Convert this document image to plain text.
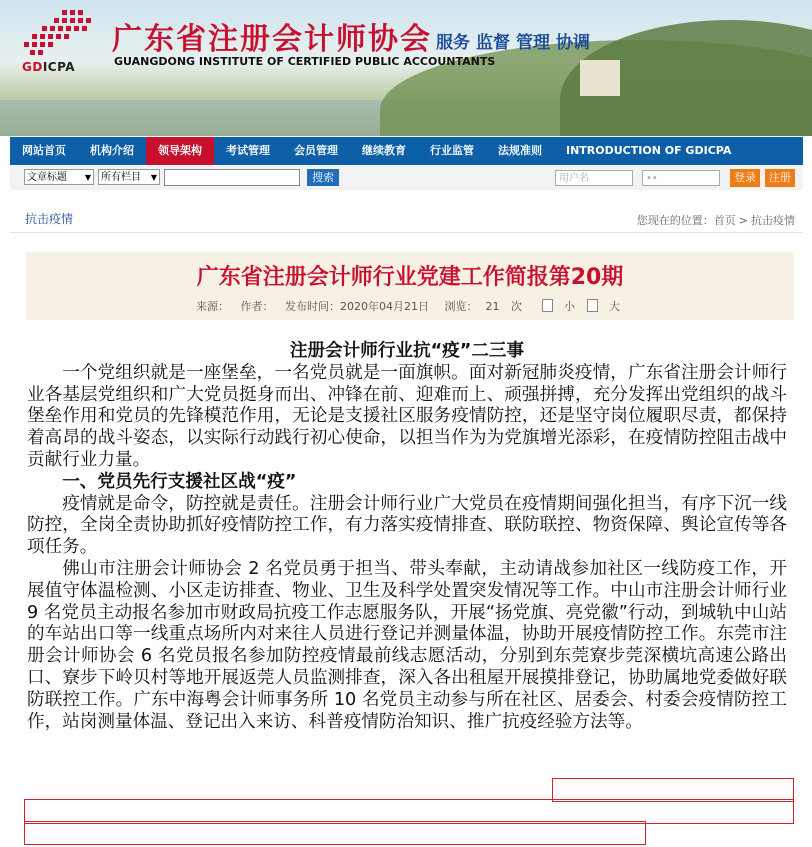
GDICPA
广东省注册会计师协会
GUANGDONG INSTITUTE OF CERTIFIED PUBLIC ACCOUNTANTS
服务 监督 管理 协调
网站首页	机构介绍	领导架构	考试管理	会员管理	继续教育	行业监管	法规准则	INTRODUCTION OF GDICPA
文章标题 ▼	所有栏目 ▼	搜索	用户名	••	登录	注册
抗击疫情	您现在的位置：首页 > 抗击疫情
广东省注册会计师行业党建工作简报第20期
来源： 作者： 发布时间：2020年04月21日 浏览： 21 次	小	大

注册会计师行业抗“疫”二三事

一个党组织就是一座堡垒，一名党员就是一面旗帜。面对新冠肺炎疫情，广东省注册会计师行业各基层党组织和广大党员挺身而出、冲锋在前、迎难而上、顽强拼搏，充分发挥出党组织的战斗堡垒作用和党员的先锋模范作用，无论是支援社区服务疫情防控，还是坚守岗位履职尽责，都保持着高昂的战斗姿态，以实际行动践行初心使命，以担当作为为党旗增光添彩，在疫情防控阻击战中贡献行业力量。

一、党员先行支援社区战“疫”

疫情就是命令，防控就是责任。注册会计师行业广大党员在疫情期间强化担当，有序下沉一线防控，全岗全责协助抓好疫情防控工作，有力落实疫情排查、联防联控、物资保障、舆论宣传等各项任务。

佛山市注册会计师协会 2 名党员勇于担当、带头奉献，主动请战参加社区一线防疫工作，开展值守体温检测、小区走访排查、物业、卫生及科学处置突发情况等工作。中山市注册会计师行业9 名党员主动报名参加市财政局抗疫工作志愿服务队，开展“扬党旗、亮党徽”行动，到城轨中山站的车站出口等一线重点场所内对来往人员进行登记并测量体温，协助开展疫情防控工作。东莞市注册会计师协会 6 名党员报名参加防控疫情最前线志愿活动，分别到东莞寮步莞深横坑高速公路出口、寮步下岭贝村等地开展返莞人员监测排查，深入各出租屋开展摸排登记，协助属地党委做好联防联控工作。广东中海粤会计师事务所 10 名党员主动参与所在社区、居委会、村委会疫情防控工作，站岗测量体温、登记出入来访、科普疫情防治知识、推广抗疫经验方法等。
